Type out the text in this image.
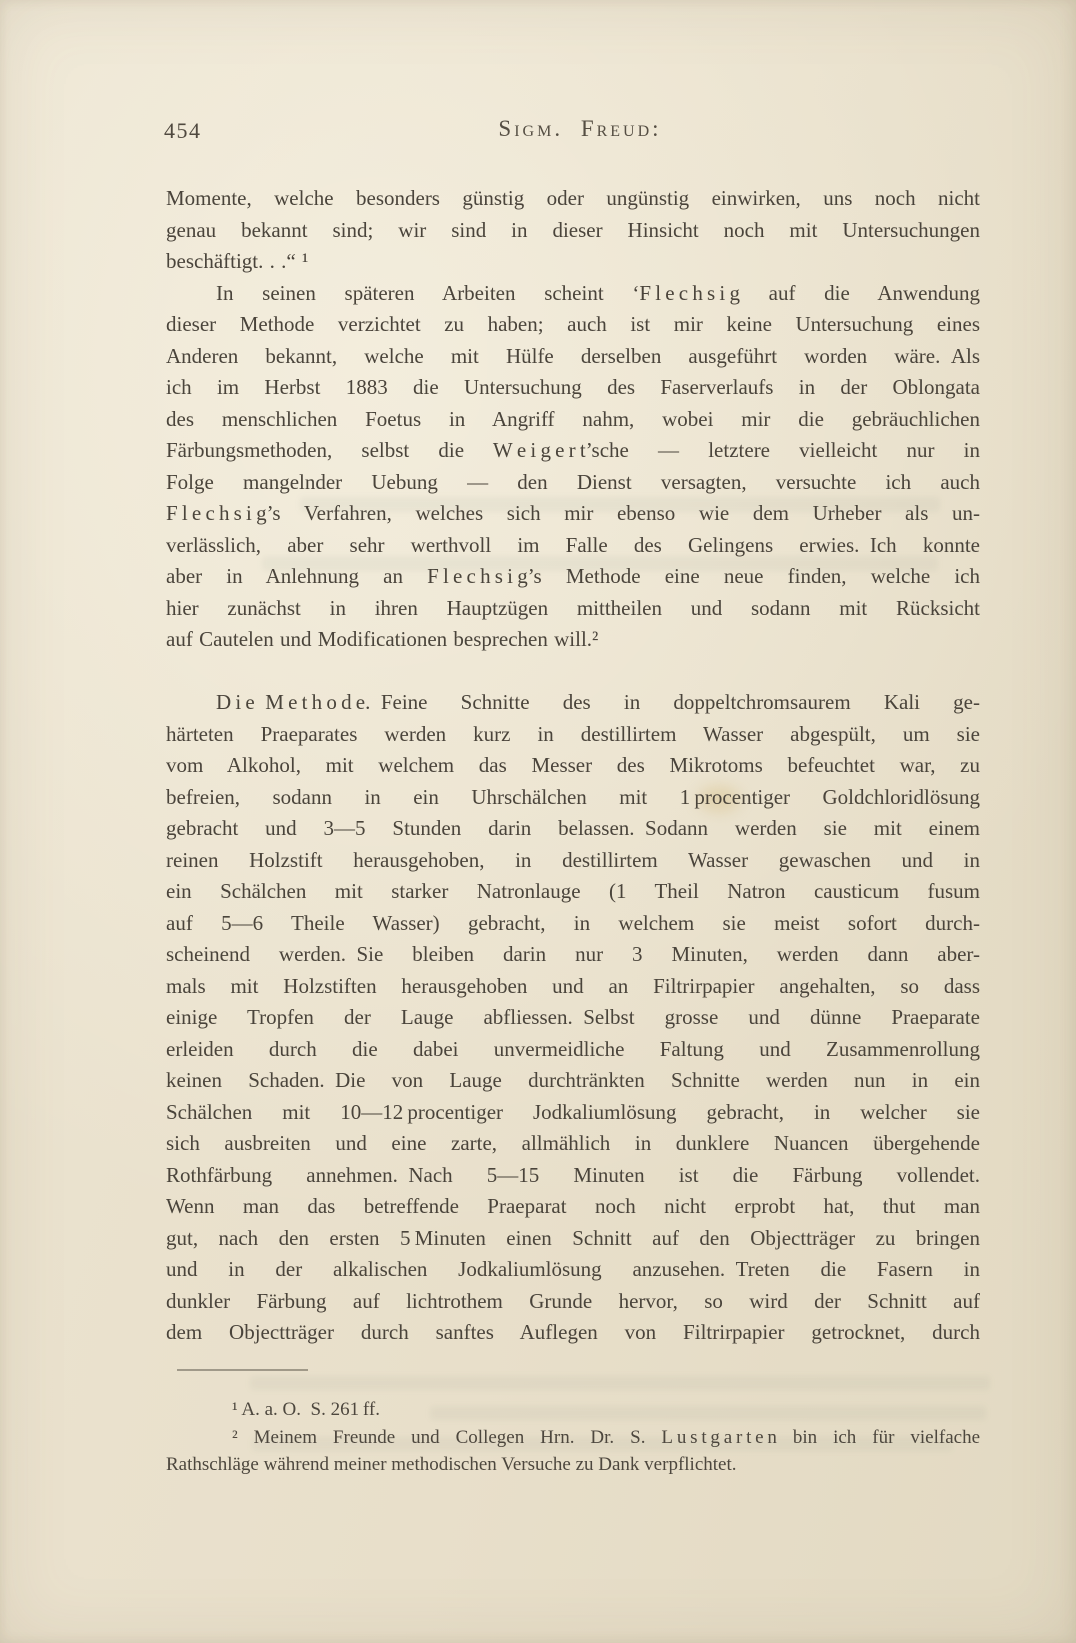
454	Sigm. Freud:
Momente, welche besonders günstig oder ungünstig einwirken, uns noch nicht
genau bekannt sind; wir sind in dieser Hinsicht noch mit Untersuchungen
beschäftigt. . .“ ¹
In seinen späteren Arbeiten scheint ‘F l e c h s i g auf die Anwendung
dieser Methode verzichtet zu haben; auch ist mir keine Untersuchung eines
Anderen bekannt, welche mit Hülfe derselben ausgeführt worden wäre. Als
ich im Herbst 1883 die Untersuchung des Faserverlaufs in der Oblongata
des menschlichen Foetus in Angriff nahm, wobei mir die gebräuchlichen
Färbungsmethoden, selbst die W e i g e r t’sche — letztere vielleicht nur in
Folge mangelnder Uebung — den Dienst versagten, versuchte ich auch
F l e c h s i g’s Verfahren, welches sich mir ebenso wie dem Urheber als un-
verlässlich, aber sehr werthvoll im Falle des Gelingens erwies. Ich konnte
aber in Anlehnung an F l e c h s i g’s Methode eine neue finden, welche ich
hier zunächst in ihren Hauptzügen mittheilen und sodann mit Rücksicht
auf Cautelen und Modificationen besprechen will.²
D i e M e t h o d e. Feine Schnitte des in doppeltchromsaurem Kali ge-
härteten Praeparates werden kurz in destillirtem Wasser abgespült, um sie
vom Alkohol, mit welchem das Messer des Mikrotoms befeuchtet war, zu
befreien, sodann in ein Uhrschälchen mit 1 procentiger Goldchloridlösung
gebracht und 3—5 Stunden darin belassen. Sodann werden sie mit einem
reinen Holzstift herausgehoben, in destillirtem Wasser gewaschen und in
ein Schälchen mit starker Natronlauge (1 Theil Natron causticum fusum
auf 5—6 Theile Wasser) gebracht, in welchem sie meist sofort durch-
scheinend werden. Sie bleiben darin nur 3 Minuten, werden dann aber-
mals mit Holzstiften herausgehoben und an Filtrirpapier angehalten, so dass
einige Tropfen der Lauge abfliessen. Selbst grosse und dünne Praeparate
erleiden durch die dabei unvermeidliche Faltung und Zusammenrollung
keinen Schaden. Die von Lauge durchtränkten Schnitte werden nun in ein
Schälchen mit 10—12 procentiger Jodkaliumlösung gebracht, in welcher sie
sich ausbreiten und eine zarte, allmählich in dunklere Nuancen übergehende
Rothfärbung annehmen. Nach 5—15 Minuten ist die Färbung vollendet.
Wenn man das betreffende Praeparat noch nicht erprobt hat, thut man
gut, nach den ersten 5 Minuten einen Schnitt auf den Objectträger zu bringen
und in der alkalischen Jodkaliumlösung anzusehen. Treten die Fasern in
dunkler Färbung auf lichtrothem Grunde hervor, so wird der Schnitt auf
dem Objectträger durch sanftes Auflegen von Filtrirpapier getrocknet, durch
¹ A. a. O. S. 261 ff.
² Meinem Freunde und Collegen Hrn. Dr. S. L u s t g a r t e n bin ich für vielfache
Rathschläge während meiner methodischen Versuche zu Dank verpflichtet.
